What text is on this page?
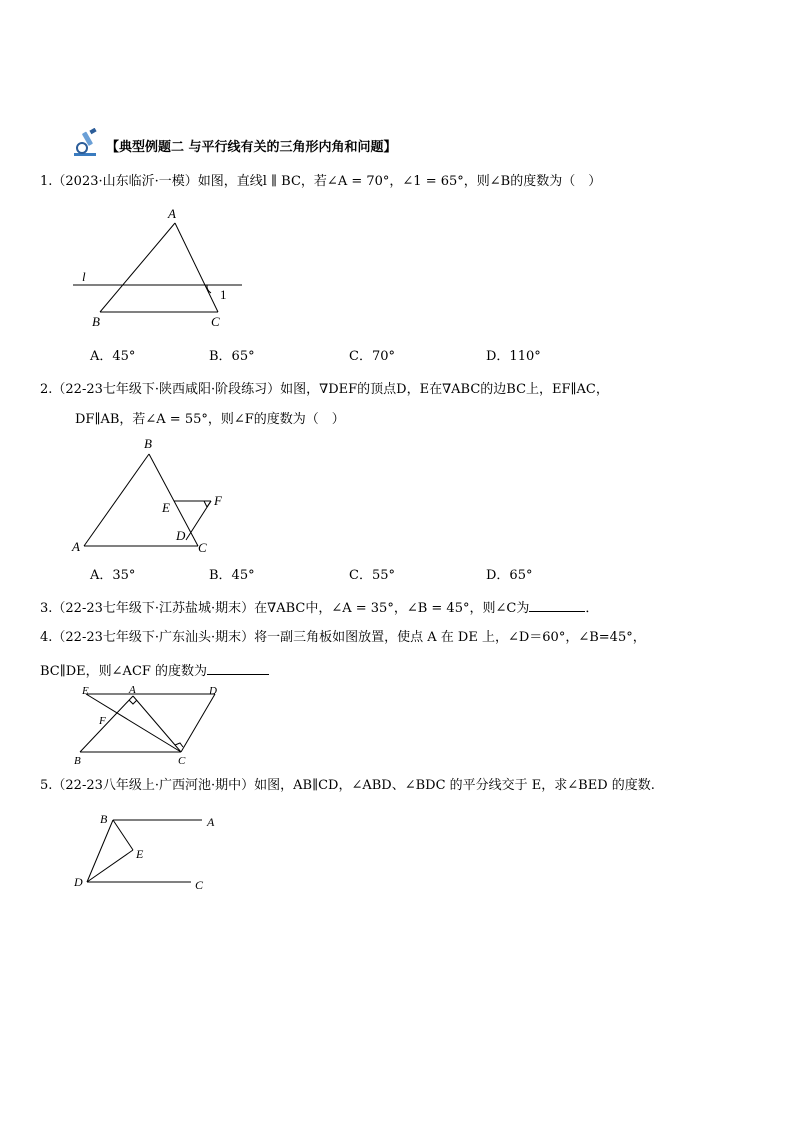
【典型例题二 与平行线有关的三角形内角和问题】
1.（2023·山东临沂·一模）如图，直线l ∥ BC，若∠A = 70°，∠1 = 65°，则∠B的度数为（　）
A
l
1
B	C
A．45°	B．65°	C．70°	D．110°
2.（22-23七年级下·陕西咸阳·阶段练习）如图，∇DEF的顶点D，E在∇ABC的边BC上，EF∥AC，
DF∥AB，若∠A = 55°，则∠F的度数为（　）
B
F
E
D
A	C
A．35°	B．45°	C．55°	D．65°
3.（22-23七年级下·江苏盐城·期末）在∇ABC中，∠A = 35°，∠B = 45°，则∠C为	．
4.（22-23七年级下·广东汕头·期末）将一副三角板如图放置，使点 A 在 DE 上，∠D＝60°，∠B=45°，
BC∥DE，则∠ACF 的度数为
E	A	D
F
B	C
5.（22-23八年级上·广西河池·期中）如图，AB∥CD，∠ABD、∠BDC 的平分线交于 E，求∠BED 的度数.
B	A
E
D	C
